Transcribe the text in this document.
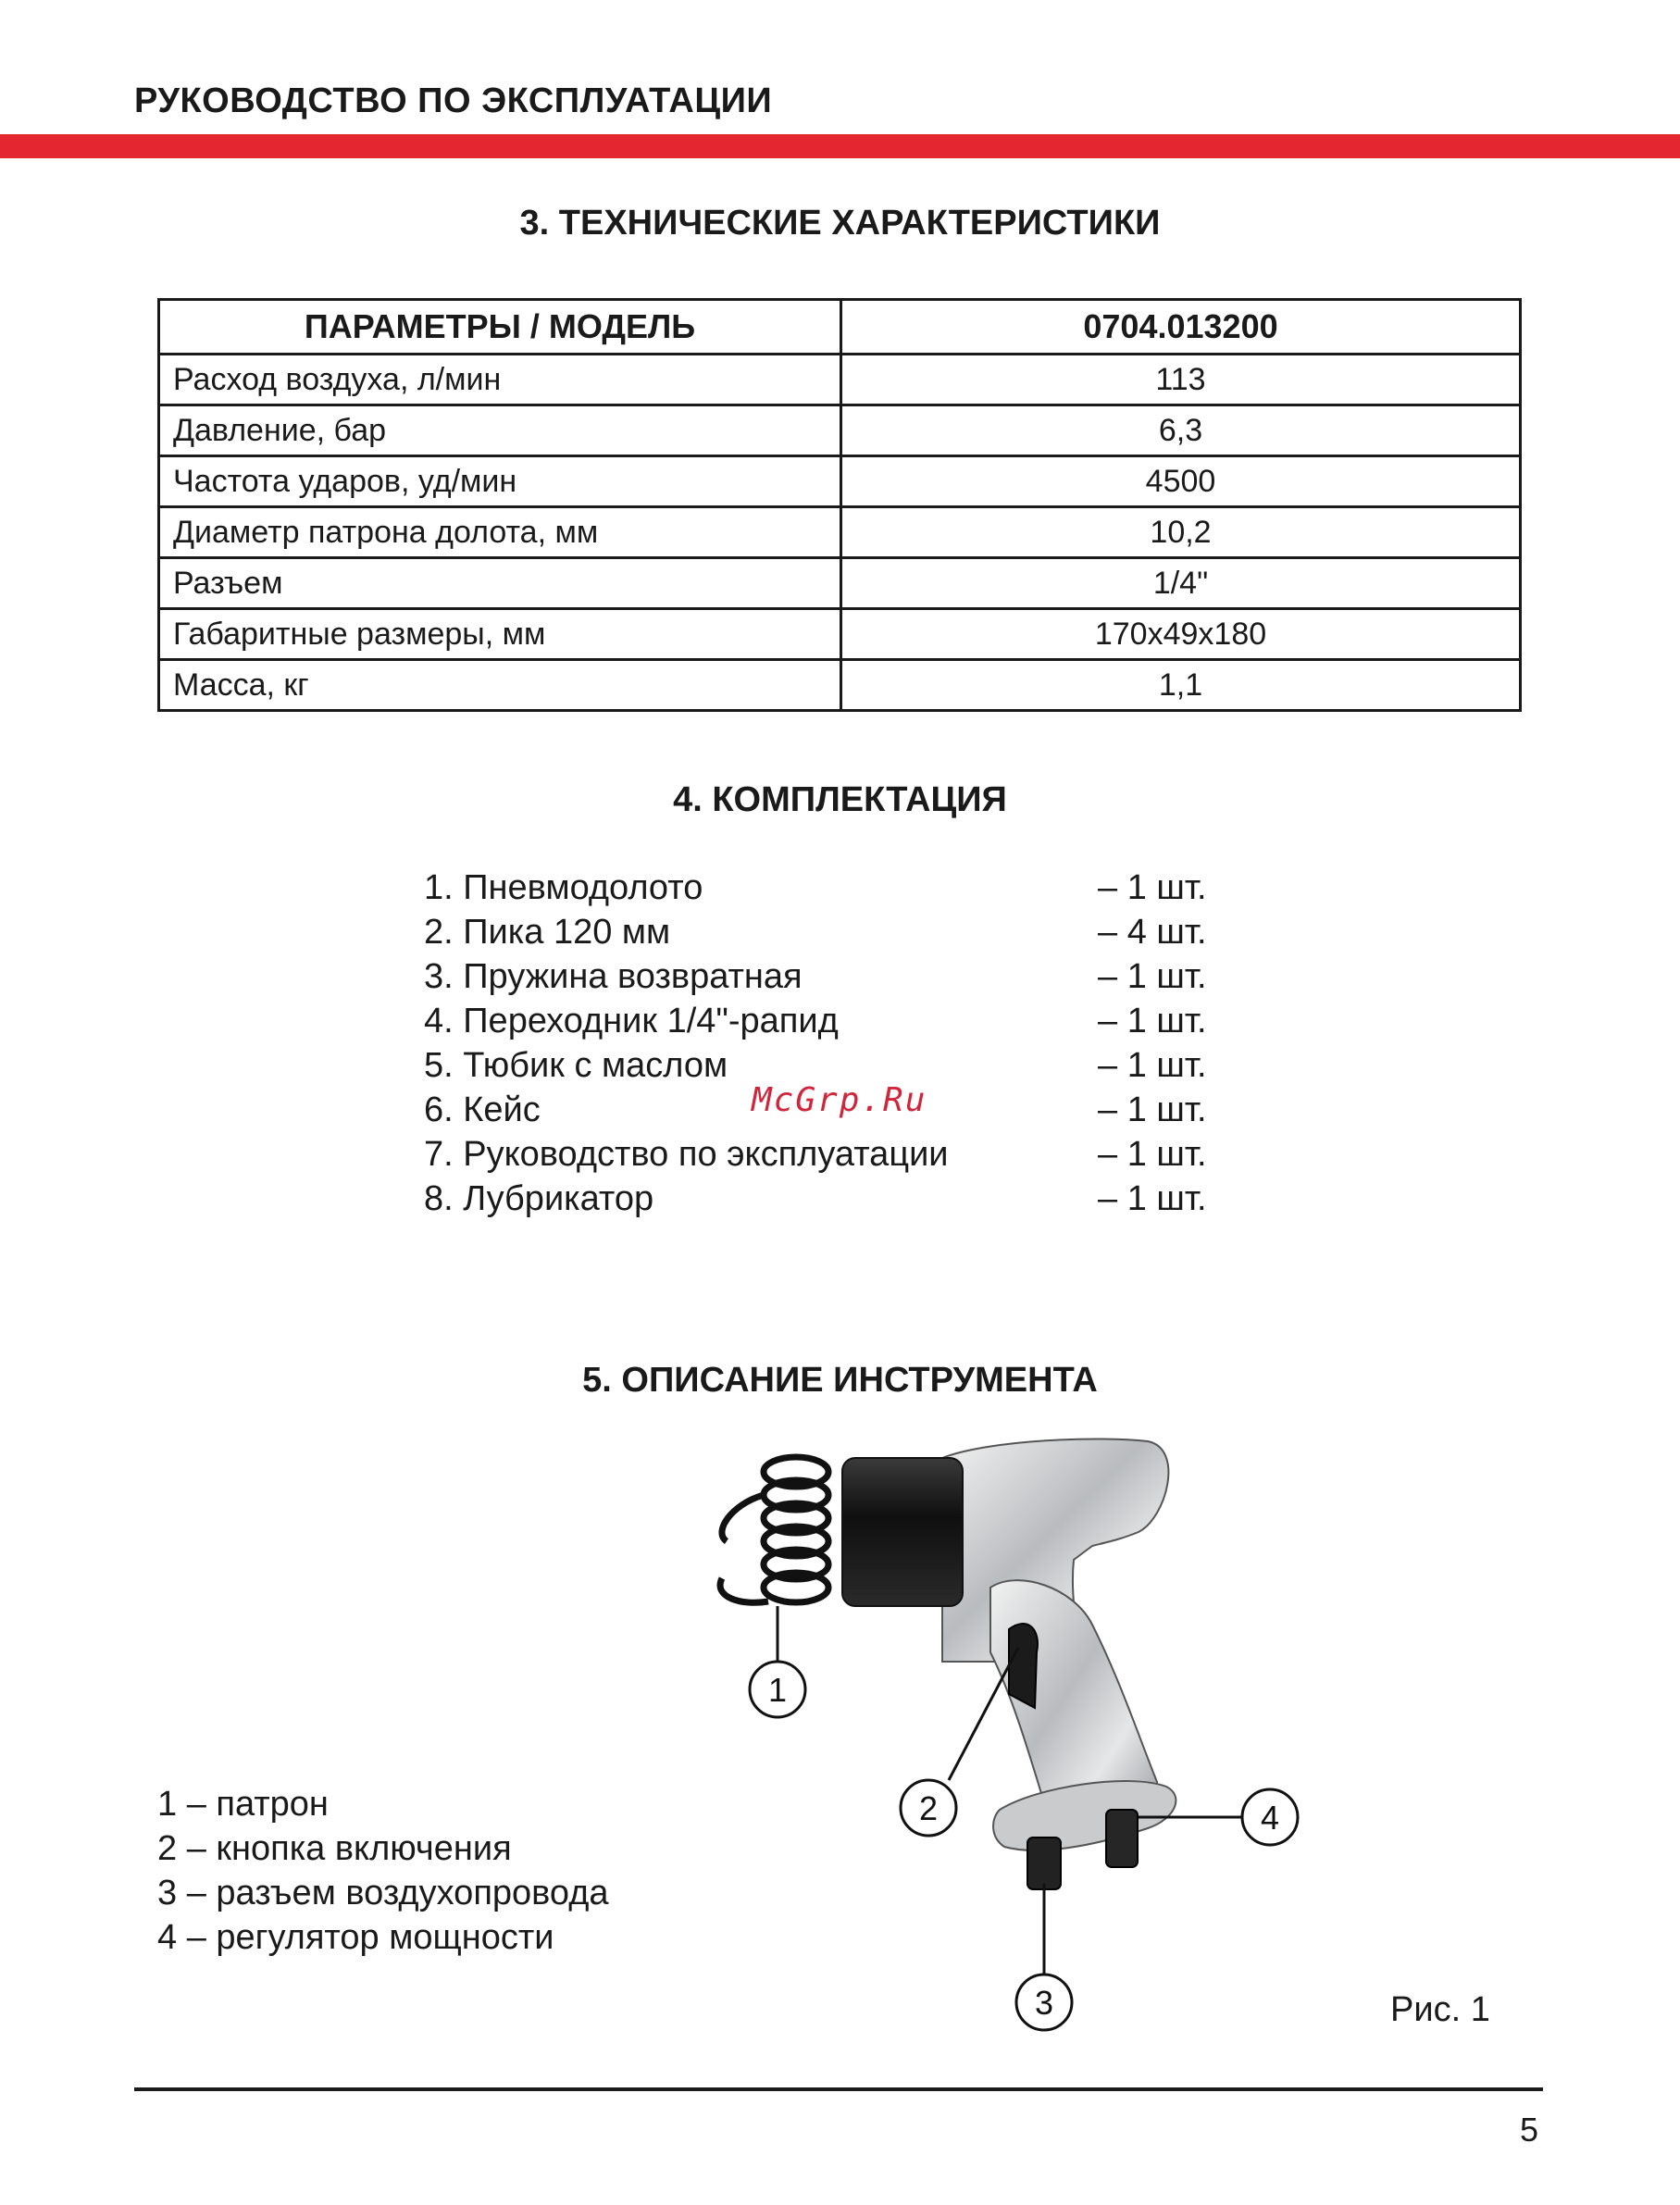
РУКОВОДСТВО ПО ЭКСПЛУАТАЦИИ
3. ТЕХНИЧЕСКИЕ ХАРАКТЕРИСТИКИ
ПАРАМЕТРЫ / МОДЕЛЬ	0704.013200
Расход воздуха, л/мин	113
Давление, бар	6,3
Частота ударов, уд/мин	4500
Диаметр патрона долота, мм	10,2
Разъем	1/4"
Габаритные размеры, мм	170x49x180
Масса, кг	1,1
4. КОМПЛЕКТАЦИЯ
1. Пневмодолото	– 1 шт.
2. Пика 120 мм	– 4 шт.
3. Пружина возвратная	– 1 шт.
4. Переходник 1/4"-рапид	– 1 шт.
5. Тюбик с маслом	– 1 шт.
6. Кейс	– 1 шт.
7. Руководство по эксплуатации	– 1 шт.
8. Лубрикатор	– 1 шт.
McGrp.Ru
5. ОПИСАНИЕ ИНСТРУМЕНТА
1
2
3
4
1 – патрон
2 – кнопка включения
3 – разъем воздухопровода
4 – регулятор мощности
Рис. 1
5
